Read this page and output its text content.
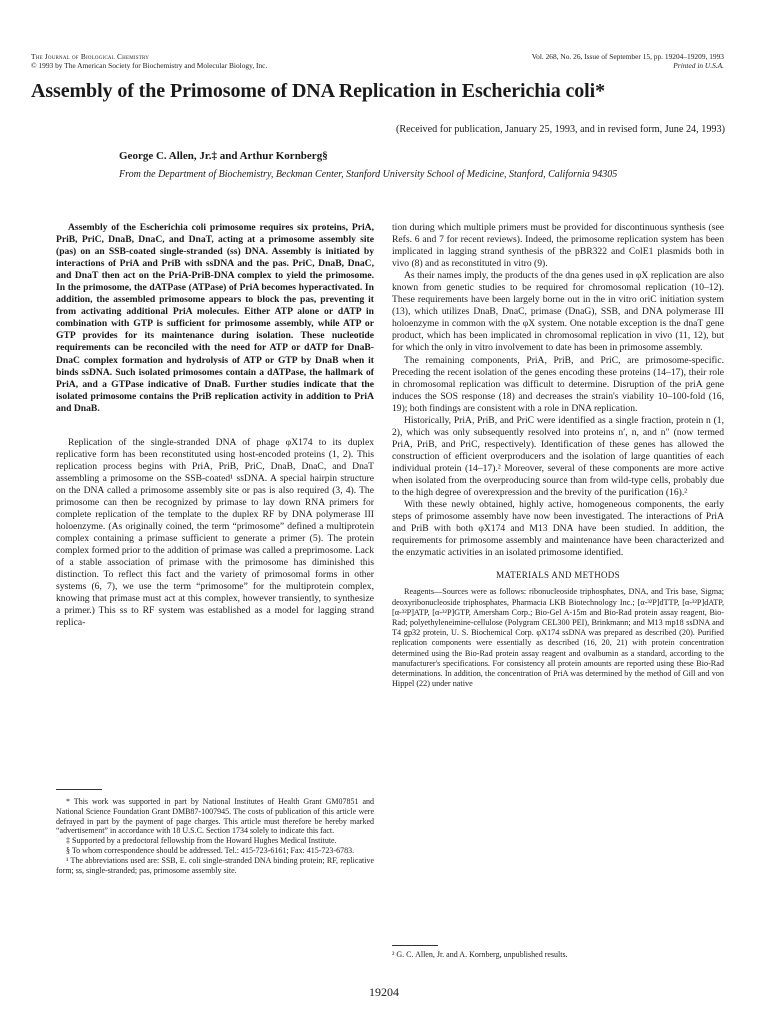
The Journal of Biological Chemistry
© 1993 by The American Society for Biochemistry and Molecular Biology, Inc.
Vol. 268, No. 26, Issue of September 15, pp. 19204–19209, 1993
Printed in U.S.A.
Assembly of the Primosome of DNA Replication in Escherichia coli*
(Received for publication, January 25, 1993, and in revised form, June 24, 1993)
George C. Allen, Jr.‡ and Arthur Kornberg§
From the Department of Biochemistry, Beckman Center, Stanford University School of Medicine, Stanford, California 94305

Assembly of the Escherichia coli primosome requires six proteins, PriA, PriB, PriC, DnaB, DnaC, and DnaT, acting at a primosome assembly site (pas) on an SSB-coated single-stranded (ss) DNA. Assembly is initiated by interactions of PriA and PriB with ssDNA and the pas. PriC, DnaB, DnaC, and DnaT then act on the PriA-PriB-DNA complex to yield the primosome. In the primosome, the dATPase (ATPase) of PriA becomes hyperactivated. In addition, the assembled primosome appears to block the pas, preventing it from activating additional PriA molecules. Either ATP alone or dATP in combination with GTP is sufficient for primosome assembly, while ATP or GTP provides for its maintenance during isolation. These nucleotide requirements can be reconciled with the need for ATP or dATP for DnaB-DnaC complex formation and hydrolysis of ATP or GTP by DnaB when it binds ssDNA. Such isolated primosomes contain a dATPase, the hallmark of PriA, and a GTPase indicative of DnaB. Further studies indicate that the isolated primosome contains the PriB replication activity in addition to PriA and DnaB.

Replication of the single-stranded DNA of phage φX174 to its duplex replicative form has been reconstituted using host-encoded proteins (1, 2). This replication process begins with PriA, PriB, PriC, DnaB, DnaC, and DnaT assembling a primosome on the SSB-coated¹ ssDNA. A special hairpin structure on the DNA called a primosome assembly site or pas is also required (3, 4). The primosome can then be recognized by primase to lay down RNA primers for complete replication of the template to the duplex RF by DNA polymerase III holoenzyme. (As originally coined, the term “primosome” defined a multiprotein complex containing a primase sufficient to generate a primer (5). The protein complex formed prior to the addition of primase was called a preprimosome. Lack of a stable association of primase with the primosome has diminished this distinction. To reflect this fact and the variety of primosomal forms in other systems (6, 7), we use the term “primosome” for the multiprotein complex, knowing that primase must act at this complex, however transiently, to synthesize a primer.) This ss to RF system was established as a model for lagging strand replica-

* This work was supported in part by National Institutes of Health Grant GM07851 and National Science Foundation Grant DMB87-1007945. The costs of publication of this article were defrayed in part by the payment of page charges. This article must therefore be hereby marked “advertisement” in accordance with 18 U.S.C. Section 1734 solely to indicate this fact.

‡ Supported by a predoctoral fellowship from the Howard Hughes Medical Institute.

§ To whom correspondence should be addressed. Tel.: 415-723-6161; Fax: 415-723-6783.

¹ The abbreviations used are: SSB, E. coli single-stranded DNA binding protein; RF, replicative form; ss, single-stranded; pas, primosome assembly site.

tion during which multiple primers must be provided for discontinuous synthesis (see Refs. 6 and 7 for recent reviews). Indeed, the primosome replication system has been implicated in lagging strand synthesis of the pBR322 and ColE1 plasmids both in vivo (8) and as reconstituted in vitro (9).

As their names imply, the products of the dna genes used in φX replication are also known from genetic studies to be required for chromosomal replication (10–12). These requirements have been largely borne out in the in vitro oriC initiation system (13), which utilizes DnaB, DnaC, primase (DnaG), SSB, and DNA polymerase III holoenzyme in common with the φX system. One notable exception is the dnaT gene product, which has been implicated in chromosomal replication in vivo (11, 12), but for which the only in vitro involvement to date has been in primosome assembly.

The remaining components, PriA, PriB, and PriC, are primosome-specific. Preceding the recent isolation of the genes encoding these proteins (14–17), their role in chromosomal replication was difficult to determine. Disruption of the priA gene induces the SOS response (18) and decreases the strain's viability 10–100-fold (16, 19); both findings are consistent with a role in DNA replication.

Historically, PriA, PriB, and PriC were identified as a single fraction, protein n (1, 2), which was only subsequently resolved into proteins n′, n, and n″ (now termed PriA, PriB, and PriC, respectively). Identification of these genes has allowed the construction of efficient overproducers and the isolation of large quantities of each individual protein (14–17).² Moreover, several of these components are more active when isolated from the overproducing source than from wild-type cells, probably due to the high degree of overexpression and the brevity of the purification (16).²

With these newly obtained, highly active, homogeneous components, the early steps of primosome assembly have now been investigated. The interactions of PriA and PriB with both φX174 and M13 DNA have been studied. In addition, the requirements for primosome assembly and maintenance have been characterized and the enzymatic activities in an isolated primosome identified.

MATERIALS AND METHODS

Reagents—Sources were as follows: ribonucleoside triphosphates, DNA, and Tris base, Sigma; deoxyribonucleoside triphosphates, Pharmacia LKB Biotechnology Inc.; [α-³²P]dTTP, [α-³²P]dATP, [α-³²P]ATP, [α-³²P]GTP, Amersham Corp.; Bio-Gel A-15m and Bio-Rad protein assay reagent, Bio-Rad; polyethyleneimine-cellulose (Polygram CEL300 PEI), Brinkmann; and M13 mp18 ssDNA and T4 gp32 protein, U. S. Biochemical Corp. φX174 ssDNA was prepared as described (20). Purified replication components were essentially as described (16, 20, 21) with protein concentration determined using the Bio-Rad protein assay reagent and ovalbumin as a standard, according to the manufacturer's specifications. For consistency all protein amounts are reported using these Bio-Rad determinations. In addition, the concentration of PriA was determined by the method of Gill and von Hippel (22) under native

² G. C. Allen, Jr. and A. Kornberg, unpublished results.
19204
